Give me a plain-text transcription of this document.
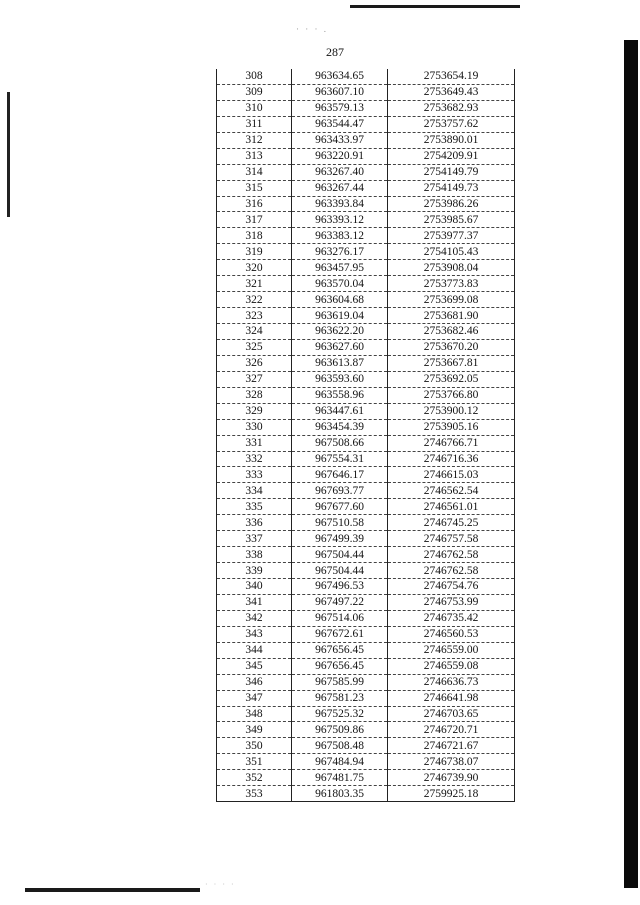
· · · .
· · · ·
287
308	963634.65	2753654.19
309	963607.10	2753649.43
310	963579.13	2753682.93
311	963544.47	2753757.62
312	963433.97	2753890.01
313	963220.91	2754209.91
314	963267.40	2754149.79
315	963267.44	2754149.73
316	963393.84	2753986.26
317	963393.12	2753985.67
318	963383.12	2753977.37
319	963276.17	2754105.43
320	963457.95	2753908.04
321	963570.04	2753773.83
322	963604.68	2753699.08
323	963619.04	2753681.90
324	963622.20	2753682.46
325	963627.60	2753670.20
326	963613.87	2753667.81
327	963593.60	2753692.05
328	963558.96	2753766.80
329	963447.61	2753900.12
330	963454.39	2753905.16
331	967508.66	2746766.71
332	967554.31	2746716.36
333	967646.17	2746615.03
334	967693.77	2746562.54
335	967677.60	2746561.01
336	967510.58	2746745.25
337	967499.39	2746757.58
338	967504.44	2746762.58
339	967504.44	2746762.58
340	967496.53	2746754.76
341	967497.22	2746753.99
342	967514.06	2746735.42
343	967672.61	2746560.53
344	967656.45	2746559.00
345	967656.45	2746559.08
346	967585.99	2746636.73
347	967581.23	2746641.98
348	967525.32	2746703.65
349	967509.86	2746720.71
350	967508.48	2746721.67
351	967484.94	2746738.07
352	967481.75	2746739.90
353	961803.35	2759925.18
